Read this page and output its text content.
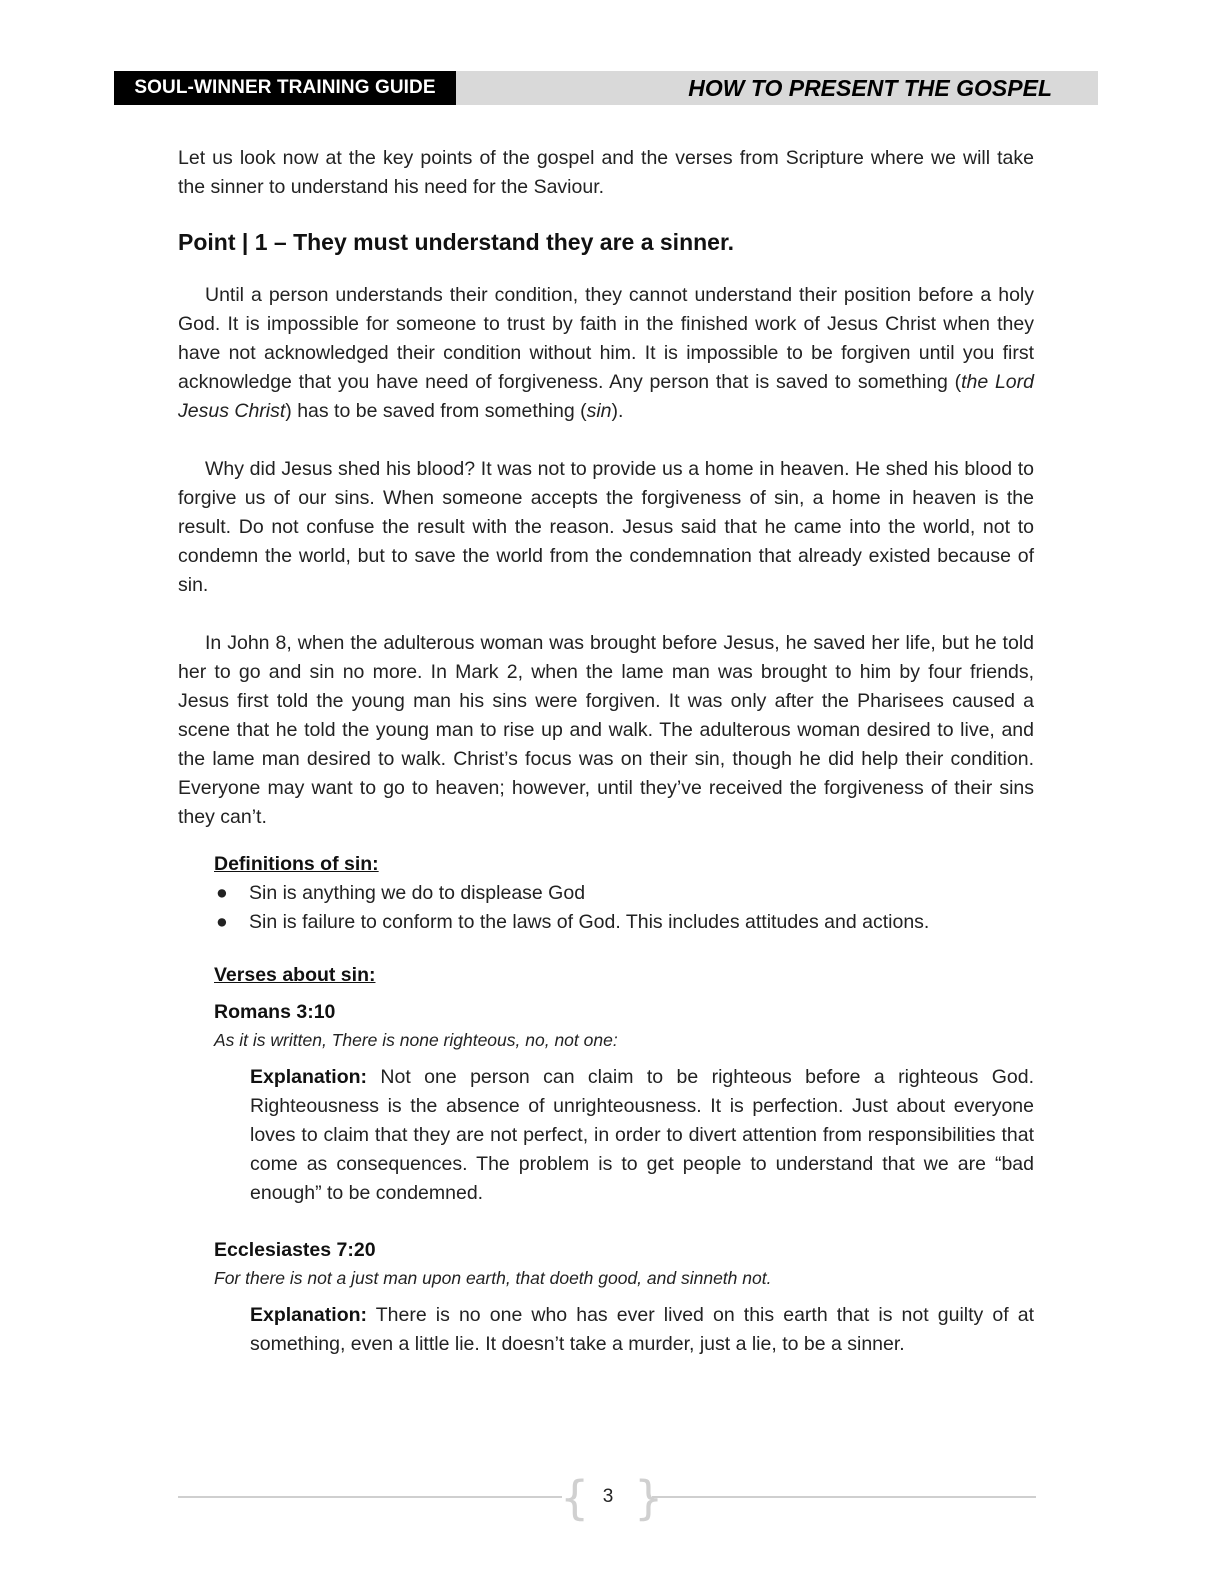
SOUL-WINNER TRAINING GUIDE	HOW TO PRESENT THE GOSPEL

Let us look now at the key points of the gospel and the verses from Scripture where we will take the sinner to understand his need for the Saviour.

Point | 1 – They must understand they are a sinner.

Until a person understands their condition, they cannot understand their position before a holy God. It is impossible for someone to trust by faith in the finished work of Jesus Christ when they have not acknowledged their condition without him. It is impossible to be forgiven until you first acknowledge that you have need of forgiveness. Any person that is saved to something (the Lord Jesus Christ) has to be saved from something (sin).

Why did Jesus shed his blood? It was not to provide us a home in heaven. He shed his blood to forgive us of our sins. When someone accepts the forgiveness of sin, a home in heaven is the result. Do not confuse the result with the reason. Jesus said that he came into the world, not to condemn the world, but to save the world from the condemnation that already existed because of sin.

In John 8, when the adulterous woman was brought before Jesus, he saved her life, but he told her to go and sin no more. In Mark 2, when the lame man was brought to him by four friends, Jesus first told the young man his sins were forgiven. It was only after the Pharisees caused a scene that he told the young man to rise up and walk. The adulterous woman desired to live, and the lame man desired to walk. Christ’s focus was on their sin, though he did help their condition. Everyone may want to go to heaven; however, until they’ve received the forgiveness of their sins they can’t.

Definitions of sin:
● Sin is anything we do to displease God
● Sin is failure to conform to the laws of God. This includes attitudes and actions.
Verses about sin:
Romans 3:10
As it is written, There is none righteous, no, not one:

Explanation: Not one person can claim to be righteous before a righteous God. Righteousness is the absence of unrighteousness. It is perfection. Just about everyone loves to claim that they are not perfect, in order to divert attention from responsibilities that come as consequences. The problem is to get people to understand that we are “bad enough” to be condemned.

Ecclesiastes 7:20
For there is not a just man upon earth, that doeth good, and sinneth not.

Explanation: There is no one who has ever lived on this earth that is not guilty of at something, even a little lie. It doesn’t take a murder, just a lie, to be a sinner.

{ }
3
